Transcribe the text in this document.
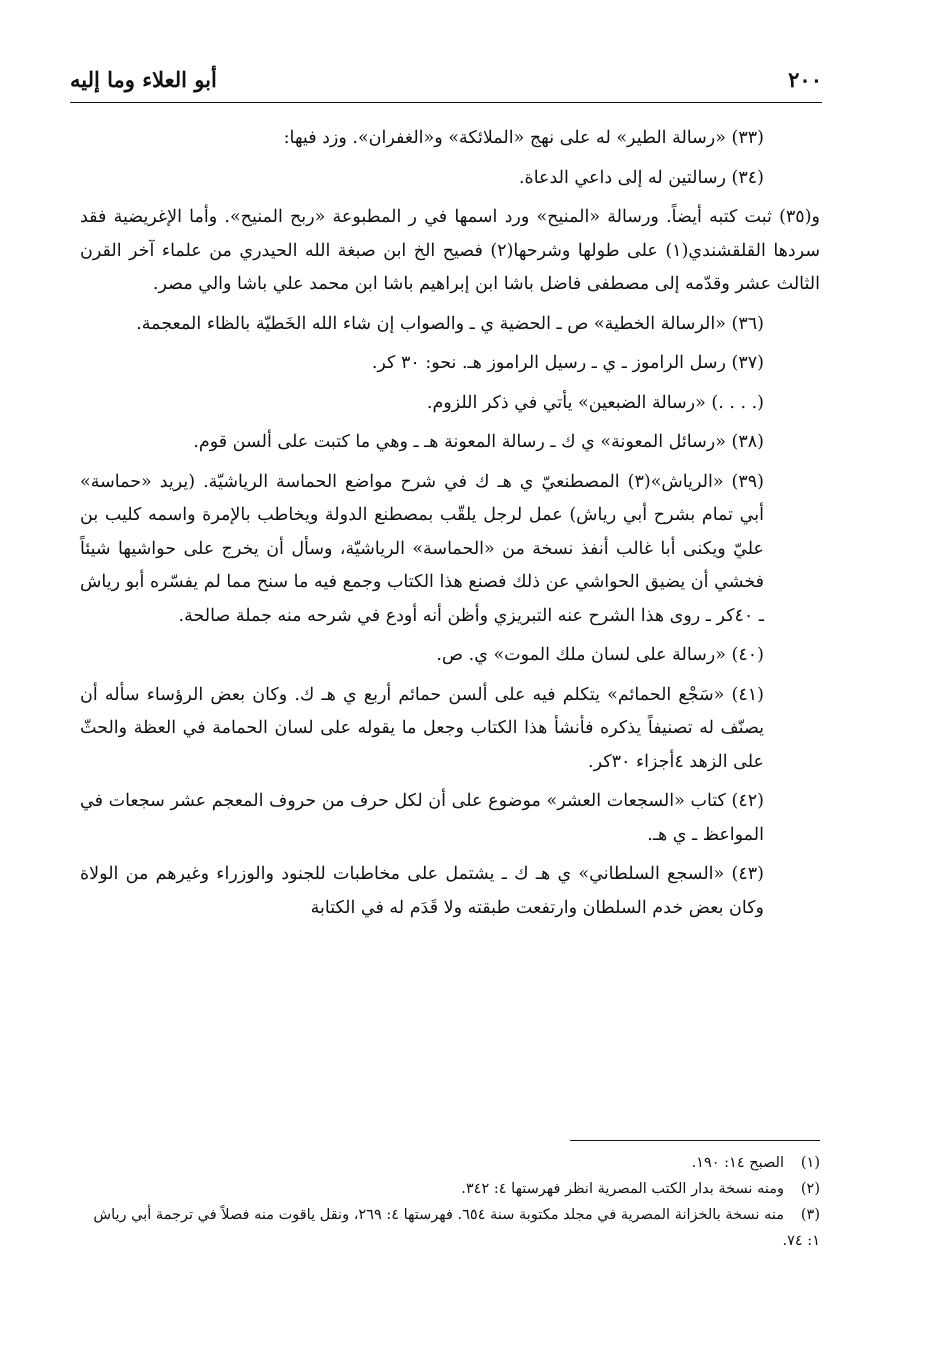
٢٠٠
أبو العلاء وما إليه

(٣٣) «رسالة الطير» له على نهج «الملائكة» و«الغفران». وزد فيها:

(٣٤) رسالتين له إلى داعي الدعاة.

و(٣٥) ثبت كتبه أيضاً. ورسالة «المنيح» ورد اسمها في ر المطبوعة «ربح المنيح». وأما الإغريضية فقد سردها القلقشندي(١) على طولها وشرحها(٢) فصيح الخ ابن صبغة الله الحيدري من علماء آخر القرن الثالث عشر وقدّمه إلى مصطفى فاضل باشا ابن إبراهيم باشا ابن محمد علي باشا والي مصر.

(٣٦) «الرسالة الخطية» ص ـ الحضية ي ـ والصواب إن شاء الله الخَطيّة بالظاء المعجمة.

(٣٧) رسل الراموز ـ ي ـ رسيل الراموز هـ. نحو: ٣٠ كر.

(. . . .) «رسالة الضبعين» يأتي في ذكر اللزوم.

(٣٨) «رسائل المعونة» ي ك ـ رسالة المعونة هـ ـ وهي ما كتبت على ألسن قوم.

(٣٩) «الرياش»(٣) المصطنعيّ ي هـ ك في شرح مواضع الحماسة الرياشيّة. (يريد «حماسة» أبي تمام بشرح أبي رياش) عمل لرجل يلقّب بمصطنع الدولة ويخاطب بالإمرة واسمه كليب بن عليّ ويكنى أبا غالب أنفذ نسخة من «الحماسة» الرياشيّة، وسأل أن يخرج على حواشيها شيئاً فخشي أن يضيق الحواشي عن ذلك فصنع هذا الكتاب وجمع فيه ما سنح مما لم يفسّره أبو رياش ـ ٤٠كر ـ روى هذا الشرح عنه التبريزي وأظن أنه أودع في شرحه منه جملة صالحة.

(٤٠) «رسالة على لسان ملك الموت» ي. ص.

(٤١) «سَجْع الحمائم» يتكلم فيه على ألسن حمائم أربع ي هـ ك. وكان بعض الرؤساء سأله أن يصنّف له تصنيفاً يذكره فأنشأ هذا الكتاب وجعل ما يقوله على لسان الحمامة في العظة والحثّ على الزهد ٤أجزاء ٣٠كر.

(٤٢) كتاب «السجعات العشر» موضوع على أن لكل حرف من حروف المعجم عشر سجعات في المواعظ ـ ي هـ.

(٤٣) «السجع السلطاني» ي هـ ك ـ يشتمل على مخاطبات للجنود والوزراء وغيرهم من الولاة وكان بعض خدم السلطان وارتفعت طبقته ولا قَدَم له في الكتابة

(١)الصبح ١٤: ١٩٠.

(٢)ومنه نسخة بدار الكتب المصرية انظر فهرستها ٤: ٣٤٢.

(٣)منه نسخة بالخزانة المصرية في مجلد مكتوبة سنة ٦٥٤. فهرستها ٤: ٢٦٩، ونقل ياقوت منه فصلاً في ترجمة أبي رياش ١: ٧٤.
